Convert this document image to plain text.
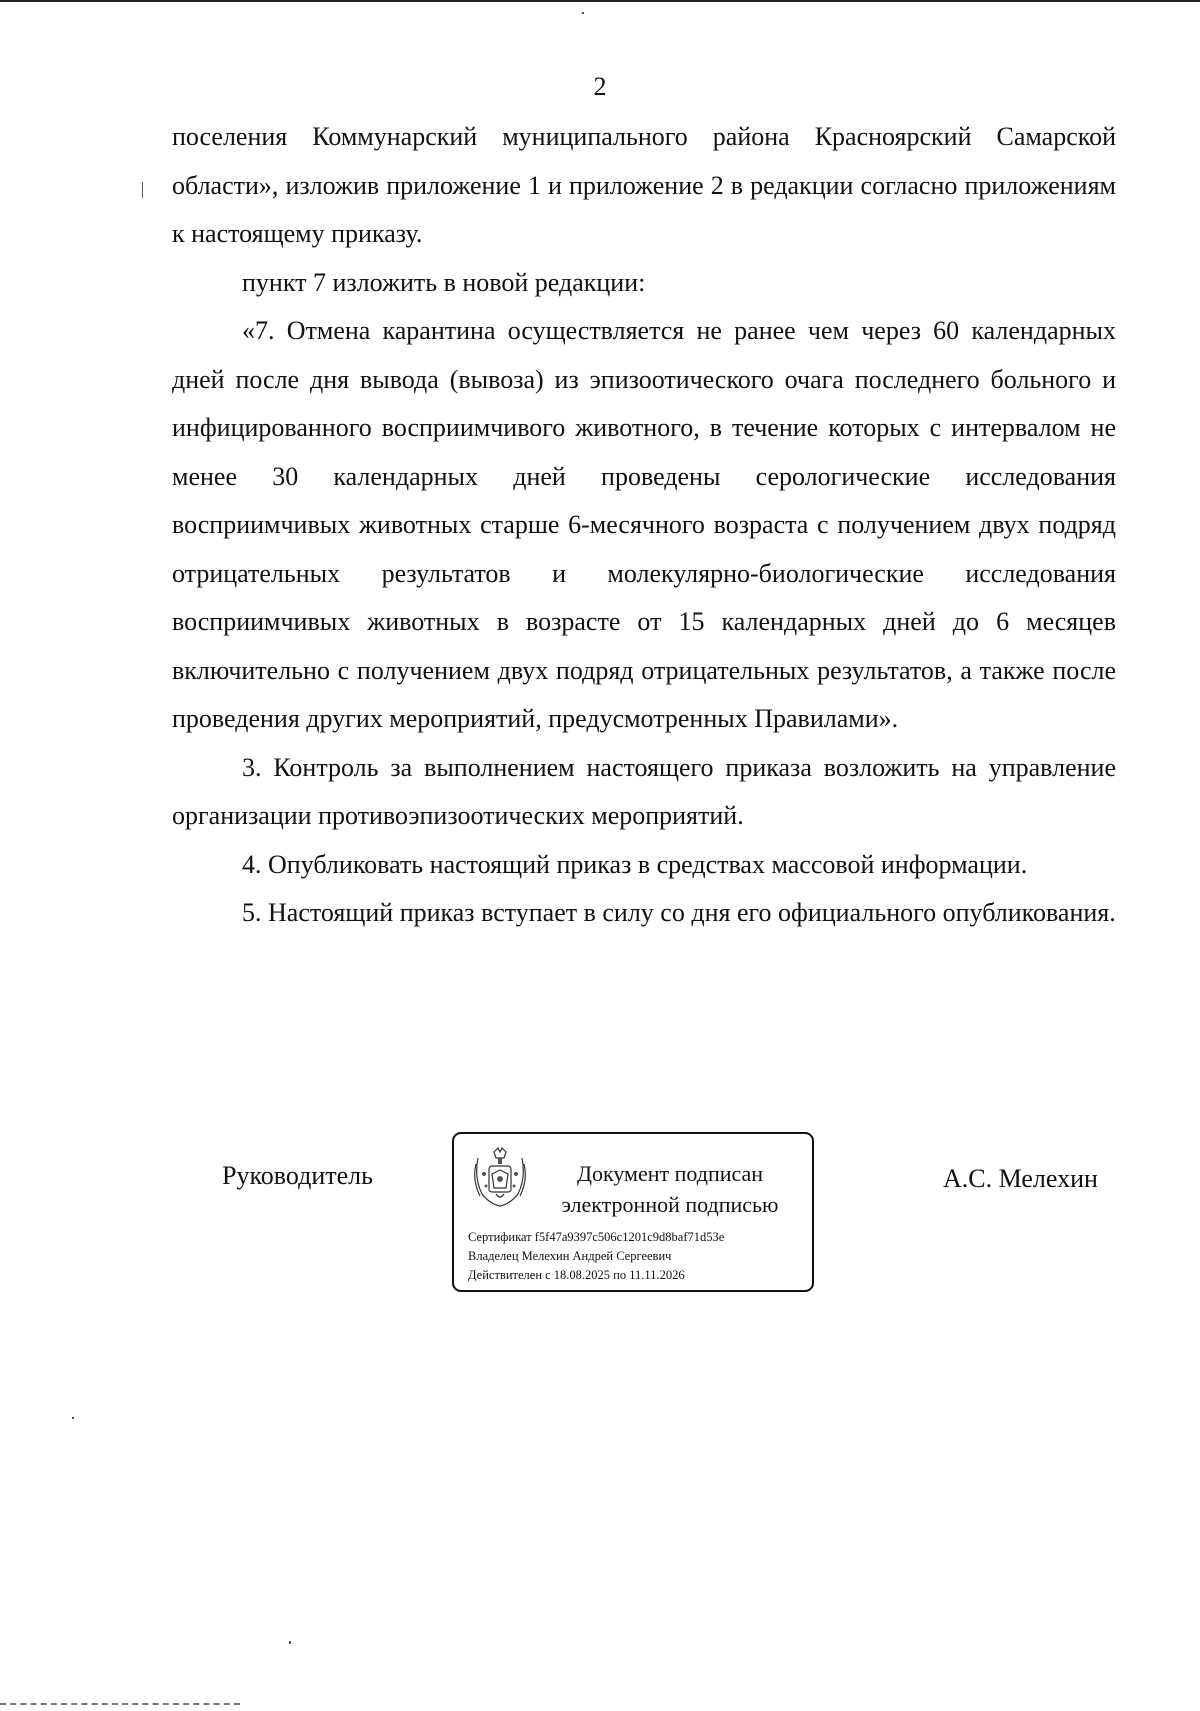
2

поселения Коммунарский муниципального района Красноярский Самарской области», изложив приложение 1 и приложение 2 в редакции согласно приложениям к настоящему приказу.

пункт 7 изложить в новой редакции:

«7. Отмена карантина осуществляется не ранее чем через 60 календарных дней после дня вывода (вывоза) из эпизоотического очага последнего больного и инфицированного восприимчивого животного, в течение которых с интервалом не менее 30 календарных дней проведены серологические исследования восприимчивых животных старше 6-месячного возраста с получением двух подряд отрицательных результатов и молекулярно-биологические исследования восприимчивых животных в возрасте от 15 календарных дней до 6 месяцев включительно с получением двух подряд отрицательных результатов, а также после проведения других мероприятий, предусмотренных Правилами».

3. Контроль за выполнением настоящего приказа возложить на управление организации противоэпизоотических мероприятий.

4. Опубликовать настоящий приказ в средствах массовой информации.

5. Настоящий приказ вступает в силу со дня его официального опубликования.

Руководитель	Документ подписан
электронной подписью
Сертификат f5f47a9397c506c1201c9d8baf71d53e
Владелец Мелехин Андрей Сергеевич
Действителен с 18.08.2025 по 11.11.2026
А.С. Мелехин
